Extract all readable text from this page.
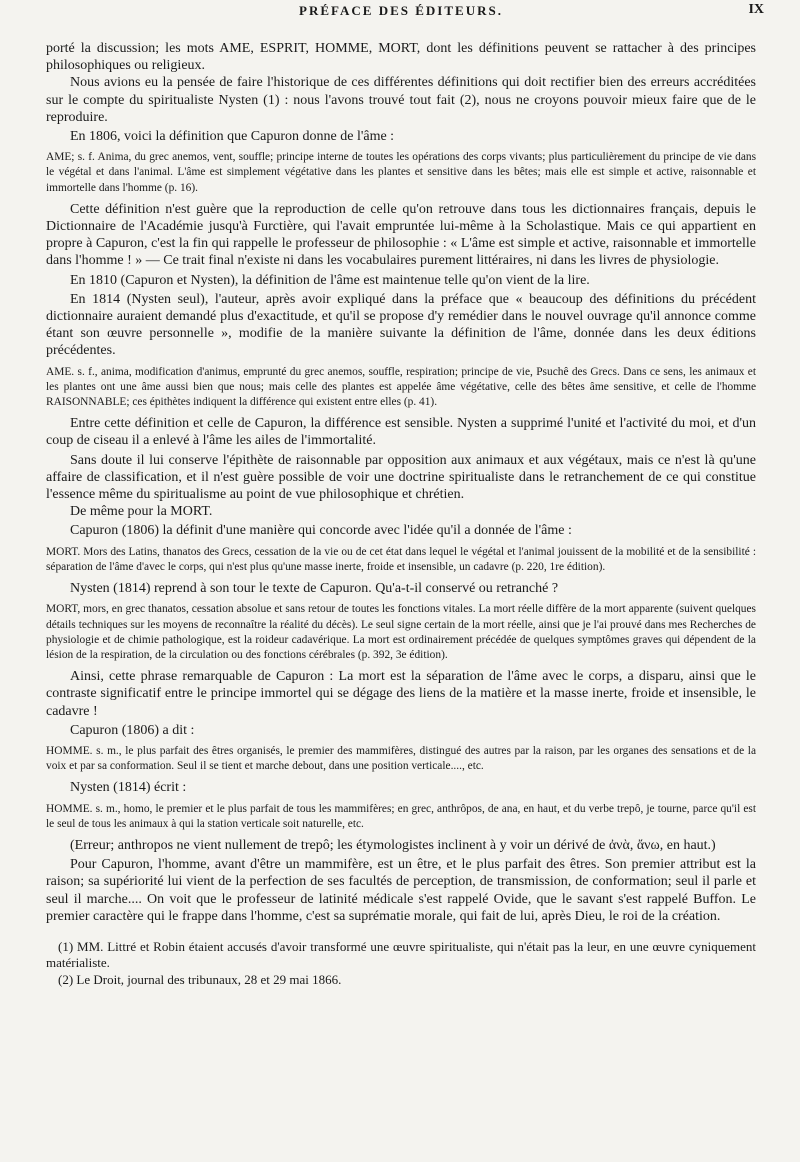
PRÉFACE DES ÉDITEURS.	IX

porté la discussion; les mots AME, ESPRIT, HOMME, MORT, dont les définitions peuvent se rattacher à des principes philosophiques ou religieux.

Nous avions eu la pensée de faire l'historique de ces différentes définitions qui doit rectifier bien des erreurs accréditées sur le compte du spiritualiste Nysten (1) : nous l'avons trouvé tout fait (2), nous ne croyons pouvoir mieux faire que de le reproduire.

En 1806, voici la définition que Capuron donne de l'âme :

AME; s. f. Anima, du grec anemos, vent, souffle; principe interne de toutes les opérations des corps vivants; plus particulièrement du principe de vie dans le végétal et dans l'animal. L'âme est simplement végétative dans les plantes et sensitive dans les bêtes; mais elle est simple et active, raisonnable et immortelle dans l'homme (p. 16).

Cette définition n'est guère que la reproduction de celle qu'on retrouve dans tous les dictionnaires français, depuis le Dictionnaire de l'Académie jusqu'à Furctière, qui l'avait empruntée lui-même à la Scholastique. Mais ce qui appartient en propre à Capuron, c'est la fin qui rappelle le professeur de philosophie : « L'âme est simple et active, raisonnable et immortelle dans l'homme ! » — Ce trait final n'existe ni dans les vocabulaires purement littéraires, ni dans les livres de physiologie.

En 1810 (Capuron et Nysten), la définition de l'âme est maintenue telle qu'on vient de la lire.

En 1814 (Nysten seul), l'auteur, après avoir expliqué dans la préface que « beaucoup des définitions du précédent dictionnaire auraient demandé plus d'exactitude, et qu'il se propose d'y remédier dans le nouvel ouvrage qu'il annonce comme étant son œuvre personnelle », modifie de la manière suivante la définition de l'âme, donnée dans les deux éditions précédentes.

AME. s. f., anima, modification d'animus, emprunté du grec anemos, souffle, respiration; principe de vie, Psuchê des Grecs. Dans ce sens, les animaux et les plantes ont une âme aussi bien que nous; mais celle des plantes est appelée âme végétative, celle des bêtes âme sensitive, et celle de l'homme RAISONNABLE; ces épithètes indiquent la différence qui existent entre elles (p. 41).

Entre cette définition et celle de Capuron, la différence est sensible. Nysten a supprimé l'unité et l'activité du moi, et d'un coup de ciseau il a enlevé à l'âme les ailes de l'immortalité.

Sans doute il lui conserve l'épithète de raisonnable par opposition aux animaux et aux végétaux, mais ce n'est là qu'une affaire de classification, et il n'est guère possible de voir une doctrine spiritualiste dans le retranchement de ce qui constitue l'essence même du spiritualisme au point de vue philosophique et chrétien.

De même pour la MORT.

Capuron (1806) la définit d'une manière qui concorde avec l'idée qu'il a donnée de l'âme :

MORT. Mors des Latins, thanatos des Grecs, cessation de la vie ou de cet état dans lequel le végétal et l'animal jouissent de la mobilité et de la sensibilité : séparation de l'âme d'avec le corps, qui n'est plus qu'une masse inerte, froide et insensible, un cadavre (p. 220, 1re édition).

Nysten (1814) reprend à son tour le texte de Capuron. Qu'a-t-il conservé ou retranché ?

MORT, mors, en grec thanatos, cessation absolue et sans retour de toutes les fonctions vitales. La mort réelle diffère de la mort apparente (suivent quelques détails techniques sur les moyens de reconnaître la réalité du décès). Le seul signe certain de la mort réelle, ainsi que je l'ai prouvé dans mes Recherches de physiologie et de chimie pathologique, est la roideur cadavérique. La mort est ordinairement précédée de quelques symptômes graves qui dépendent de la lésion de la respiration, de la circulation ou des fonctions cérébrales (p. 392, 3e édition).

Ainsi, cette phrase remarquable de Capuron : La mort est la séparation de l'âme avec le corps, a disparu, ainsi que le contraste significatif entre le principe immortel qui se dégage des liens de la matière et la masse inerte, froide et insensible, le cadavre !

Capuron (1806) a dit :

HOMME. s. m., le plus parfait des êtres organisés, le premier des mammifères, distingué des autres par la raison, par les organes des sensations et de la voix et par sa conformation. Seul il se tient et marche debout, dans une position verticale...., etc.

Nysten (1814) écrit :

HOMME. s. m., homo, le premier et le plus parfait de tous les mammifères; en grec, anthrôpos, de ana, en haut, et du verbe trepô, je tourne, parce qu'il est le seul de tous les animaux à qui la station verticale soit naturelle, etc.

(Erreur; anthropos ne vient nullement de trepô; les étymologistes inclinent à y voir un dérivé de ἀνὰ, ἄνω, en haut.)

Pour Capuron, l'homme, avant d'être un mammifère, est un être, et le plus parfait des êtres. Son premier attribut est la raison; sa supériorité lui vient de la perfection de ses facultés de perception, de transmission, de conformation; seul il parle et seul il marche.... On voit que le professeur de latinité médicale s'est rappelé Ovide, que le savant s'est rappelé Buffon. Le premier caractère qui le frappe dans l'homme, c'est sa suprématie morale, qui fait de lui, après Dieu, le roi de la création.

(1) MM. Littré et Robin étaient accusés d'avoir transformé une œuvre spiritualiste, qui n'était pas la leur, en une œuvre cyniquement matérialiste.

(2) Le Droit, journal des tribunaux, 28 et 29 mai 1866.
